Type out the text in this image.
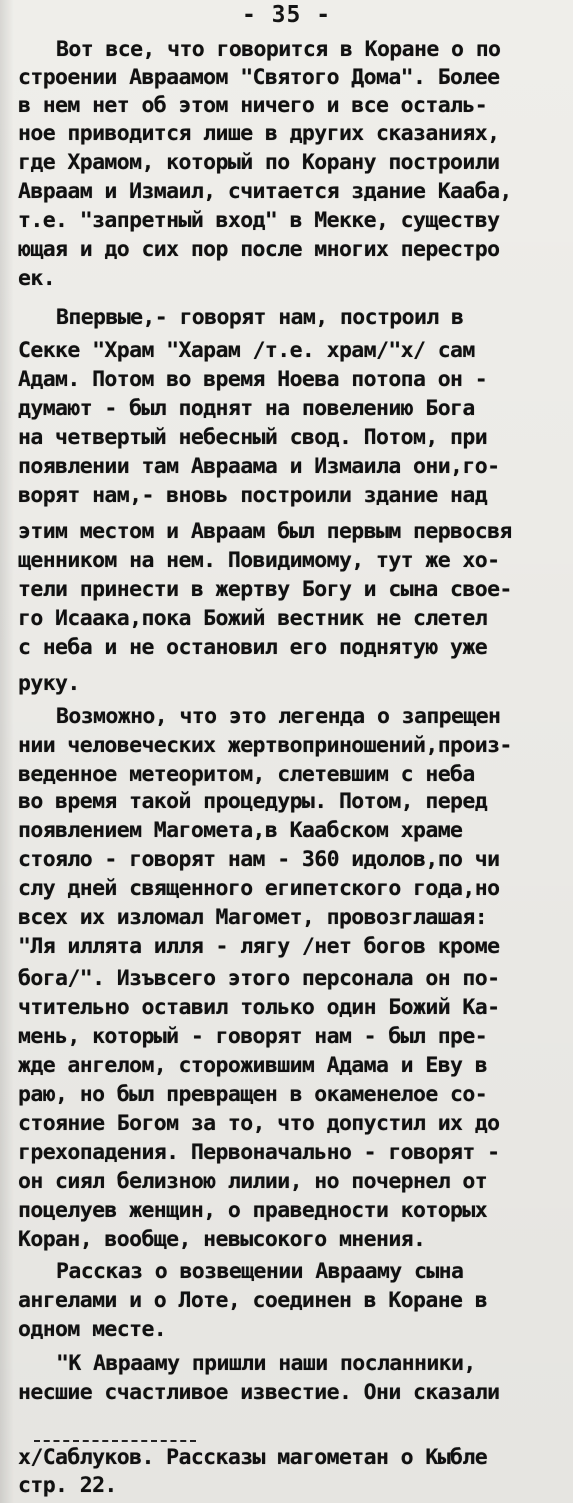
- 35 -
Вот все, что говорится в Коране о по
строении Авраамом "Святого Дома". Более
в нем нет об этом ничего и все осталь-
ное приводится лише в других сказаниях,
где Храмом, который по Корану построили
Авраам и Измаил, считается здание Кааба,
т.е. "запретный вход" в Мекке, существу
ющая и до сих пор после многих перестро
ек.
Впервые,- говорят нам, построил в
Секке "Храм "Харам /т.е. храм/"x/ сам
Адам. Потом во время Ноева потопа он -
думают - был поднят на повелению Бога
на четвертый небесный свод. Потом, при
появлении там Авраама и Измаила они,го-
ворят нам,- вновь построили здание над
этим местом и Авраам был первым первосвя
щенником на нем. Повидимому, тут же хо-
тели принести в жертву Богу и сына свое-
го Исаака,пока Божий вестник не слетел
с неба и не остановил его поднятую уже
руку.
Возможно, что это легенда о запрещен
нии человеческих жертвоприношений,произ-
веденное метеоритом, слетевшим с неба
во время такой процедуры. Потом, перед
появлением Магомета,в Каабском храме
стояло - говорят нам - 360 идолов,по чи
слу дней священного египетского года,но
всех их изломал Магомет, провозглашая:
"Ля иллята илля - лягу /нет богов кроме
бога/". Изъвсего этого персонала он по-
чтительно оставил только один Божий Ка-
мень, который - говорят нам - был пре-
жде ангелом, сторожившим Адама и Еву в
раю, но был превращен в окаменелое со-
стояние Богом за то, что допустил их до
грехопадения. Первоначально - говорят -
он сиял белизною лилии, но почернел от
поцелуев женщин, о праведности которых
Коран, вообще, невысокого мнения.
Рассказ о возвещении Аврааму сына
ангелами и о Лоте, соединен в Коране в
одном месте.
"К Аврааму пришли наши посланники,
несшие счастливое известие. Они сказали
x/Саблуков. Рассказы магометан о Кыбле
стр. 22.
